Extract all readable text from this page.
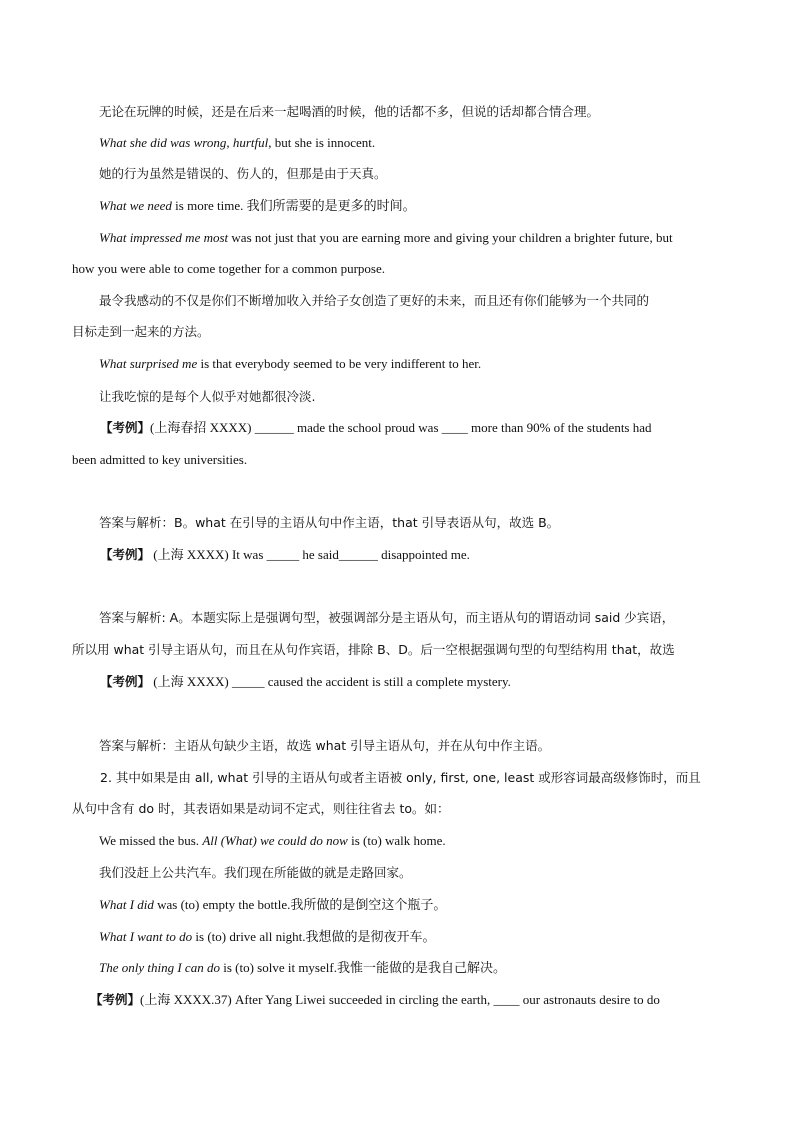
无论在玩牌的时候，还是在后来一起喝酒的时候，他的话都不多，但说的话却都合情合理。
What she did was wrong, hurtful, but she is innocent.
她的行为虽然是错误的、伤人的，但那是由于天真。
What we need is more time. 我们所需要的是更多的时间。
What impressed me most was not just that you are earning more and giving your children a brighter future, but
how you were able to come together for a common purpose.
最令我感动的不仅是你们不断增加收入并给子女创造了更好的未来，而且还有你们能够为一个共同的
目标走到一起来的方法。
What surprised me is that everybody seemed to be very indifferent to her.
让我吃惊的是每个人似乎对她都很冷淡.
【考例】(上海春招 XXXX) ______ made the school proud was ____ more than 90% of the students had
been admitted to key universities.
答案与解析：B。what 在引导的主语从句中作主语，that 引导表语从句，故选 B。
【考例】 (上海 XXXX) It was _____ he said______ disappointed me.
答案与解析: A。本题实际上是强调句型，被强调部分是主语从句，而主语从句的谓语动词 said 少宾语，
所以用 what 引导主语从句，而且在从句作宾语，排除 B、D。后一空根据强调句型的句型结构用 that，故选
【考例】 (上海 XXXX) _____ caused the accident is still a complete mystery.
答案与解析：主语从句缺少主语，故选 what 引导主语从句，并在从句中作主语。
2. 其中如果是由 all, what 引导的主语从句或者主语被 only, first, one, least 或形容词最高级修饰时，而且
从句中含有 do 时，其表语如果是动词不定式，则往往省去 to。如：
We missed the bus. All (What) we could do now is (to) walk home.
我们没赶上公共汽车。我们现在所能做的就是走路回家。
What I did was (to) empty the bottle.我所做的是倒空这个瓶子。
What I want to do is (to) drive all night.我想做的是彻夜开车。
The only thing I can do is (to) solve it myself.我惟一能做的是我自己解决。
【考例】(上海 XXXX.37) After Yang Liwei succeeded in circling the earth, ____ our astronauts desire to do
